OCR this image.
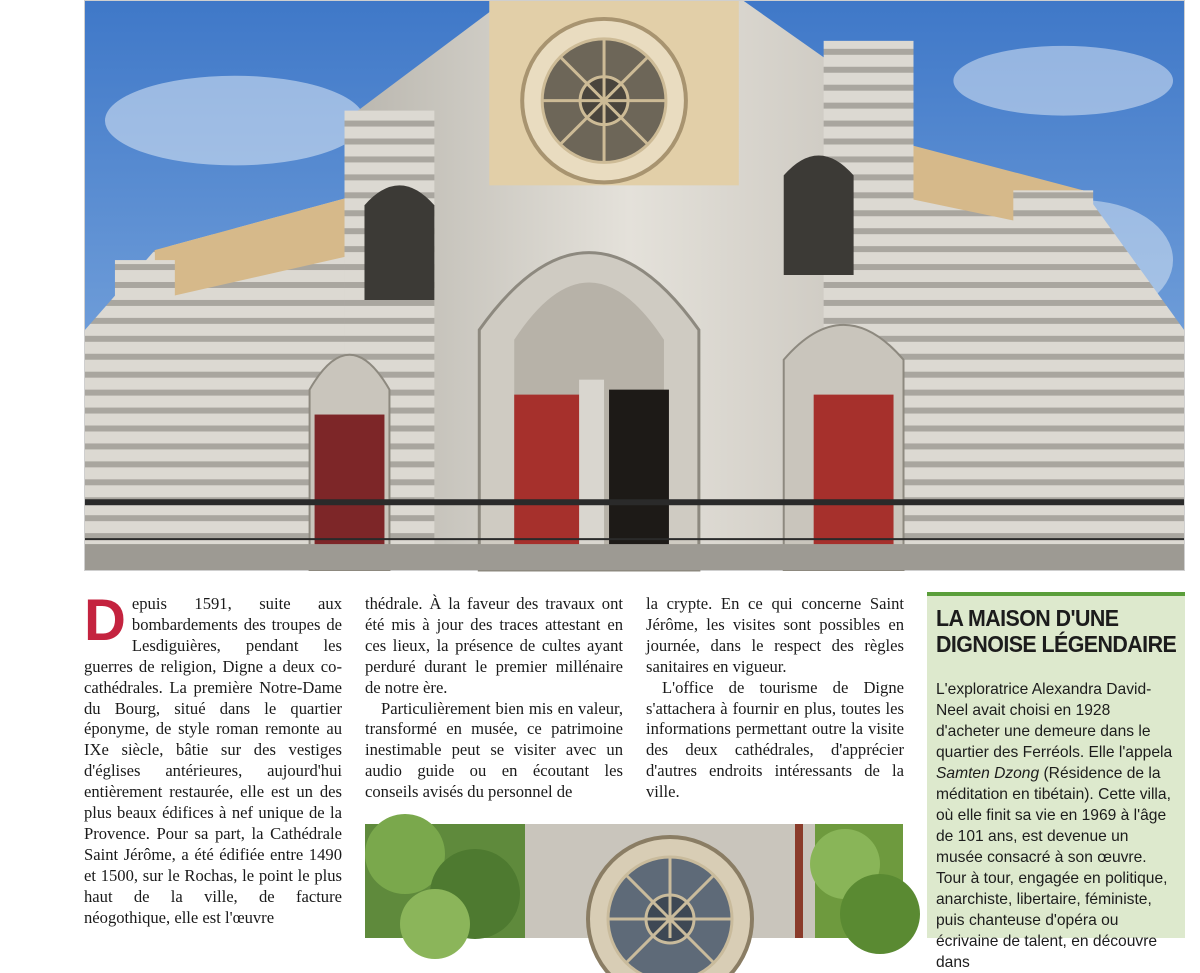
Depuis 1591, suite aux bombardements des troupes de Lesdiguières, pendant les guerres de religion, Digne a deux co-cathédrales. La première Notre-Dame du Bourg, situé dans le quartier éponyme, de style roman remonte au IXe siècle, bâtie sur des vestiges d'églises antérieures, aujourd'hui entièrement restaurée, elle est un des plus beaux édifices à nef unique de la Provence. Pour sa part, la Cathédrale Saint Jérôme, a été édifiée entre 1490 et 1500, sur le Rochas, le point le plus haut de la ville, de facture néogothique, elle est l'œuvre

thédrale. À la faveur des travaux ont été mis à jour des traces attestant en ces lieux, la présence de cultes ayant perduré durant le premier millénaire de notre ère.

Particulièrement bien mis en valeur, transformé en musée, ce patrimoine inestimable peut se visiter avec un audio guide ou en écoutant les conseils avisés du personnel de

la crypte. En ce qui concerne Saint Jérôme, les visites sont possibles en journée, dans le respect des règles sanitaires en vigueur.

L'office de tourisme de Digne s'attachera à fournir en plus, toutes les informations permettant outre la visite des deux cathédrales, d'apprécier d'autres endroits intéressants de la ville.

LA MAISON D'UNE
DIGNOISE LÉGENDAIRE

L'exploratrice Alexandra David-Neel avait choisi en 1928 d'acheter une demeure dans le quartier des Ferréols. Elle l'appela Samten Dzong (Résidence de la méditation en tibétain). Cette villa, où elle finit sa vie en 1969 à l'âge de 101 ans, est devenue un musée consacré à son œuvre. Tour à tour, engagée en politique, anarchiste, libertaire, féministe, puis chanteuse d'opéra ou écrivaine de talent, en découvre dans
